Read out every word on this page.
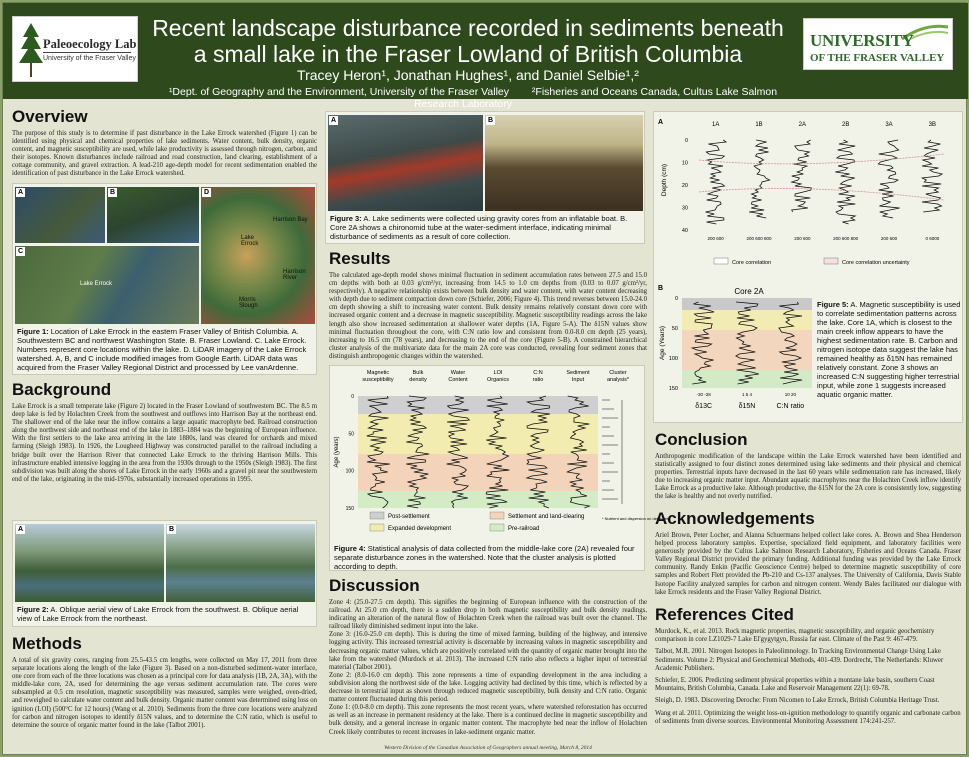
Paleoecology Lab
University of the Fraser Valley
Recent landscape disturbance recorded in sediments beneath a small lake in the Fraser Lowland of British Columbia
Tracey Heron¹, Jonathan Hughes¹, and Daniel Selbie¹,²
¹Dept. of Geography and the Environment, University of the Fraser Valley ²Fisheries and Oceans Canada, Cultus Lake Salmon Research Laboratory
UNIVERSITY
OF THE FRASER VALLEY
Overview

The purpose of this study is to determine if past disturbance in the Lake Errock watershed (Figure 1) can be identified using physical and chemical properties of lake sediments. Water content, bulk density, organic content, and magnetic susceptibility are used, while lake productivity is assessed through nitrogen, carbon, and their isotopes. Known disturbances include railroad and road construction, land clearing, establishment of a cottage community, and gravel extraction. A lead-210 age-depth model for recent sedimentation enabled the identification of past disturbance in the Lake Errock watershed.

A	B
C
Lake Errock
D
Harrison Bay
Lake Errock
Harrison River
Morris Slough
Figure 1: Location of Lake Errock in the eastern Fraser Valley of British Columbia. A. Southwestern BC and northwest Washington State. B. Fraser Lowland. C. Lake Errock. Numbers represent core locations within the lake. D. LiDAR imagery of the Lake Errock watershed. A, B, and C include modified images from Google Earth. LiDAR data was acquired from the Fraser Valley Regional District and processed by Lee vanArdenne.
Background

Lake Errock is a small temperate lake (Figure 2) located in the Fraser Lowland of southwestern BC. The 8.5 m deep lake is fed by Holachten Creek from the southwest and outflows into Harrison Bay at the northeast end. The shallower end of the lake near the inflow contains a large aquatic macrophyte bed. Railroad construction along the northwest side and northeast end of the lake in 1883–1884 was the beginning of European influence. With the first settlers to the lake area arriving in the late 1880s, land was cleared for orchards and mixed farming (Sleigh 1983). In 1926, the Lougheed Highway was constructed parallel to the railroad including a bridge built over the Harrison River that connected Lake Errock to the thriving Harrison Mills. This infrastructure enabled intensive logging in the area from the 1930s through to the 1950s (Sleigh 1983). The first subdivision was built along the shores of Lake Errock in the early 1960s and a gravel pit near the southwestern end of the lake, originating in the mid-1970s, substantially increased operations in 1995.

A	B
Figure 2: A. Oblique aerial view of Lake Errock from the southwest. B. Oblique aerial view of Lake Errock from the northeast.
Methods

A total of six gravity cores, ranging from 25.5-43.5 cm lengths, were collected on May 17, 2011 from three separate locations along the length of the lake (Figure 3). Based on a non-disturbed sediment-water interface, one core from each of the three locations was chosen as a principal core for data analysis (1B, 2A, 3A), with the middle-lake core, 2A, used for determining the age versus sediment accumulation rate. The cores were subsampled at 0.5 cm resolution, magnetic susceptibility was measured, samples were weighed, oven-dried, and reweighed to calculate water content and bulk density. Organic matter content was determined using loss on ignition (LOI) (500°C for 12 hours) (Wang et al. 2010). Sediments from the three core locations were analyzed for carbon and nitrogen isotopes to identify δ15N values, and to determine the C:N ratio, which is useful to determine the source of organic matter found in the lake (Talbot 2001).

A	B
Figure 3: A. Lake sediments were collected using gravity cores from an inflatable boat. B. Core 2A shows a chironomid tube at the water-sediment interface, indicating minimal disturbance of sediments as a result of core collection.
Results

The calculated age-depth model shows minimal fluctuation in sediment accumulation rates between 27.5 and 15.0 cm depths with both at 0.03 g/cm²/yr, increasing from 14.5 to 1.0 cm depths from (0.03 to 0.07 g/cm²/yr, respectively). A negative relationship exists between bulk density and water content, with water content decreasing with depth due to sediment compaction down core (Schiefer, 2006; Figure 4). This trend reverses between 15.0-24.0 cm depth showing a shift to increasing water content. Bulk density remains relatively constant down core with increased organic content and a decrease in magnetic susceptibility. Magnetic susceptibility readings across the lake length also show increased sedimentation at shallower water depths (1A, Figure 5-A). The δ15N values show minimal fluctuation throughout the core, with C:N ratio low and consistent from 0.0-8.0 cm depth (25 years), increasing to 16.5 cm (78 years), and decreasing to the end of the core (Figure 5-B). A constrained hierarchical cluster analysis of the multivariate data for the main 2A core was conducted, revealing four sediment zones that distinguish anthropogenic changes within the watershed.

Magnetic
susceptibility
Bulk
density
Water
Content
LOI
Organics
C:N
ratio
Sediment
Input
Cluster
analysis*
Age (years)
0
50
100
150
* Nutrient and dispersion on depth test
Post-settlement
Expanded development
Settlement and land-clearing
Pre-railroad
Figure 4: Statistical analysis of data collected from the middle-lake core (2A) revealed four separate disturbance zones in the watershed. Note that the cluster analysis is plotted according to depth.
Discussion

Zone 4: (25.0-27.5 cm depth). This signifies the beginning of European influence with the construction of the railroad. At 25.0 cm depth, there is a sudden drop in both magnetic susceptibility and bulk density readings, indicating an alteration of the natural flow of Holachten Creek when the railroad was built over the channel. The railroad likely diminished sediment input into the lake.

Zone 3: (16.0-25.0 cm depth). This is during the time of mixed farming, building of the highway, and intensive logging activity. This increased terrestrial activity is discernable by increasing values in magnetic susceptibility and decreasing organic matter values, which are positively correlated with the quantity of organic matter brought into the lake from the watershed (Murdock et al. 2013). The increased C:N ratio also reflects a higher input of terrestrial material (Talbot 2001).

Zone 2: (8.0-16.0 cm depth). This zone represents a time of expanding development in the area including a subdivision along the northwest side of the lake. Logging activity had declined by this time, which is reflected by a decrease in terrestrial input as shown through reduced magnetic susceptibility, bulk density and C:N ratio. Organic matter content fluctuated during this period.

Zone 1: (0.0-8.0 cm depth). This zone represents the most recent years, where watershed reforestation has occurred as well as an increase in permanent residency at the lake. There is a continued decline in magnetic susceptibility and bulk density, and a general increase in organic matter content. The macrophyte bed near the inflow of Holachten Creek likely contributes to recent increases in lake-sediment organic matter.

A	1A
200 600
1B
200 600 800
2A
200 600
2B
200 600 800
3A
200 600
3B
0 6000
Depth (cm)
0
10
20
30
40
Core correlation	Core correlation uncertainty
B	Core 2A
-30 -28
δ13C
1 5 4
δ15N
10 20
C:N ratio
Age (Years)
0
50
100
150
Figure 5: A. Magnetic susceptibility is used to correlate sedimentation patterns across the lake. Core 1A, which is closest to the main creek inflow appears to have the highest sedimentation rate. B. Carbon and nitrogen isotope data suggest the lake has remained healthy as δ15N has remained relatively constant. Zone 3 shows an increased C:N suggesting higher terrestrial input, while zone 1 suggests increased aquatic organic matter.
Conclusion

Anthropogenic modification of the landscape within the Lake Errock watershed have been identified and statistically assigned to four distinct zones determined using lake sediments and their physical and chemical properties. Terrestrial inputs have decreased in the last 60 years while sedimentation rate has increased, likely due to increasing organic matter input. Abundant aquatic macrophytes near the Holachten Creek inflow identify Lake Errock as a productive lake. Although productive, the δ15N for the 2A core is consistently low, suggesting the lake is healthy and not overly nutrified.

Acknowledgements

Ariel Brown, Peter Locher, and Alanna Schuermans helped collect lake cores. A. Brown and Shea Henderson helped process laboratory samples. Expertise, specialized field equipment, and laboratory facilities were generously provided by the Cultus Lake Salmon Research Laboratory, Fisheries and Oceans Canada. Fraser Valley Regional District provided the primary funding. Additional funding was provided by the Lake Errock community. Randy Enkin (Pacific Geoscience Centre) helped to determine magnetic susceptibility of core samples and Robert Flett provided the Pb-210 and Cs-137 analyses. The University of California, Davis Stable Isotope Facility analyzed samples for carbon and nitrogen content. Wendy Bales facilitated our dialogue with lake Errock residents and the Fraser Valley Regional District.

References Cited
Murdock, K., et al. 2013. Rock magnetic properties, magnetic susceptibility, and organic geochemistry comparison in core LZ1029-7 Lake El'gygytgyn, Russia far east. Climate of the Past 9: 467-479.
Talbot, M.R. 2001. Nitrogen Isotopes in Paleolimnology. In Tracking Environmental Change Using Lake Sediments. Volume 2: Physical and Geochemical Methods, 401-439. Dordrecht, The Netherlands: Kluwer Academic Publishers.
Schiefer, E. 2006. Predicting sediment physical properties within a montane lake basin, southern Coast Mountains, British Columbia, Canada. Lake and Reservoir Management 22(1): 69-78.
Sleigh, D. 1983. Discovering Deroche: From Nicomen to Lake Errock, British Columbia Heritage Trust.
Wang et al. 2011. Optimizing the weight loss-on-ignition methodology to quantify organic and carbonate carbon of sediments from diverse sources. Environmental Monitoring Assessment 174:241-257.
Western Division of the Canadian Association of Geographers annual meeting, March 8, 2014
